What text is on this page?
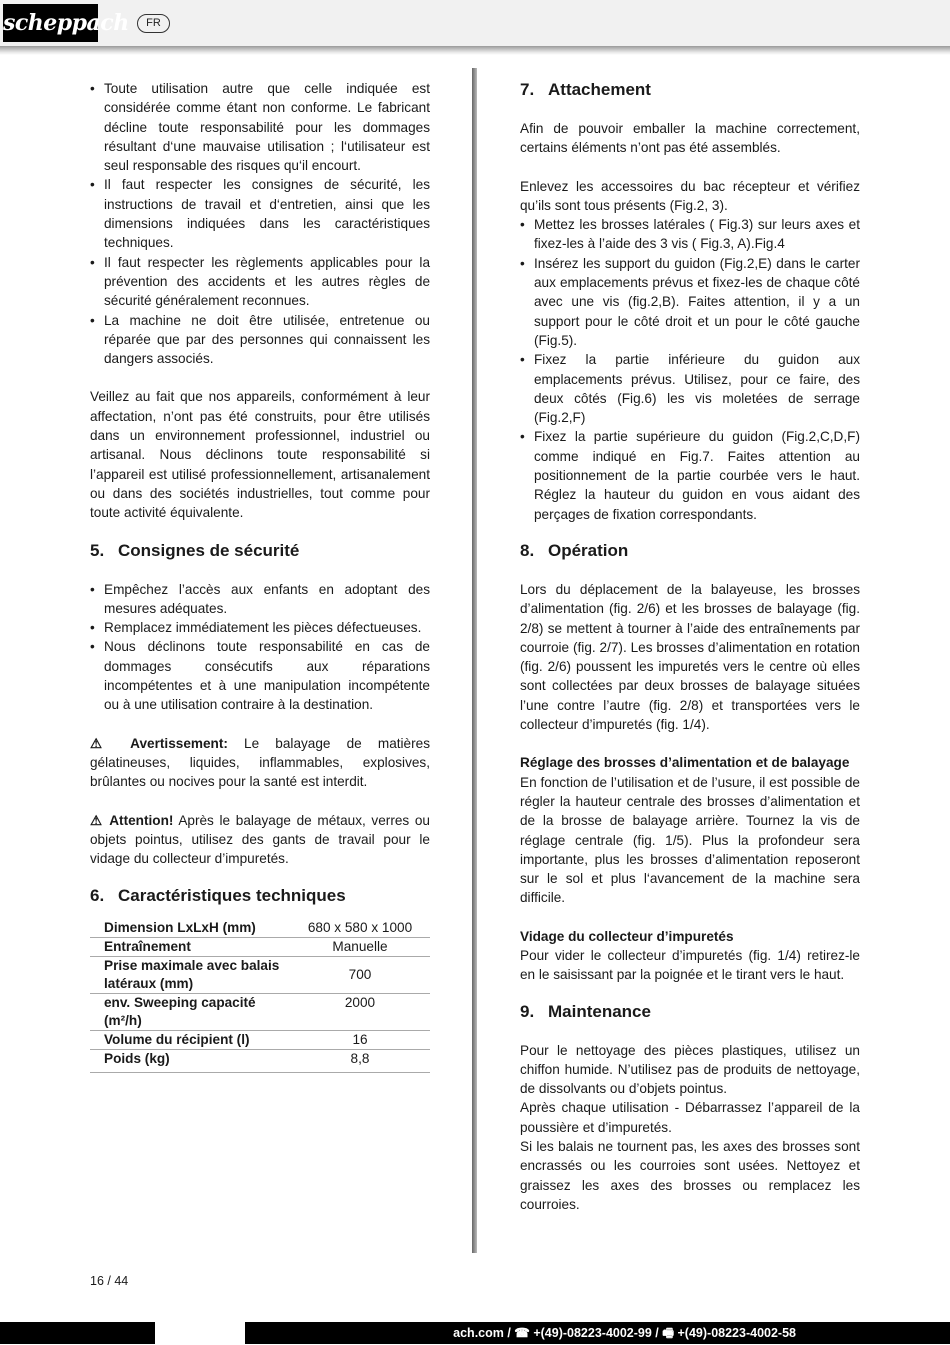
scheppach	FR
• Toute utilisation autre que celle indiquée est considérée comme étant non conforme. Le fabricant décline toute responsabilité pour les dommages résultant d‘une mauvaise utilisation ; l‘utilisateur est seul responsable des risques qu‘il encourt.
• Il faut respecter les consignes de sécurité, les instructions de travail et d‘entretien, ainsi que les dimensions indiquées dans les caractéristiques techniques.
• Il faut respecter les règlements applicables pour la prévention des accidents et les autres règles de sécurité généralement reconnues.
• La machine ne doit être utilisée, entretenue ou réparée que par des personnes qui connaissent les dangers associés.

Veillez au fait que nos appareils, conformément à leur affectation, n’ont pas été construits, pour être utilisés dans un environnement professionnel, industriel ou artisanal. Nous déclinons toute responsabilité si l’appareil est utilisé professionnellement, artisanalement ou dans des sociétés industrielles, tout comme pour toute activité équivalente.

5. Consignes de sécurité
• Empêchez l’accès aux enfants en adoptant des mesures adéquates.
• Remplacez immédiatement les pièces défectueuses.
• Nous déclinons toute responsabilité en cas de dommages consécutifs aux réparations incompétentes et à une manipulation incompétente ou à une utilisation contraire à la destination.

⚠ Avertissement: Le balayage de matières gélatineuses, liquides, inflammables, explosives, brûlantes ou nocives pour la santé est interdit.

⚠ Attention! Après le balayage de métaux, verres ou objets pointus, utilisez des gants de travail pour le vidage du collecteur d’impuretés.

6. Caractéristiques techniques
Dimension LxLxH (mm)	680 x 580 x 1000
Entraînement	Manuelle
Prise maximale avec balais latéraux (mm)	700
env. Sweeping capacité (m²/h)	2000
Volume du récipient (l)	16
Poids (kg)	8,8
7. Attachement

Afin de pouvoir emballer la machine correctement, certains éléments n’ont pas été assemblés.

Enlevez les accessoires du bac récepteur et vérifiez qu’ils sont tous présents (Fig.2, 3).

• Mettez les brosses latérales ( Fig.3) sur leurs axes et fixez-les à l’aide des 3 vis ( Fig.3, A).Fig.4
• Insérez les support du guidon (Fig.2,E) dans le carter aux emplacements prévus et fixez-les de chaque côté avec une vis (fig.2,B). Faites attention, il y a un support pour le côté droit et un pour le côté gauche (Fig.5).
• Fixez la partie inférieure du guidon aux emplacements prévus. Utilisez, pour ce faire, des deux côtés (Fig.6) les vis moletées de serrage (Fig.2,F)
• Fixez la partie supérieure du guidon (Fig.2,C,D,F) comme indiqué en Fig.7. Faites attention au positionnement de la partie courbée vers le haut. Réglez la hauteur du guidon en vous aidant des perçages de fixation correspondants.
8. Opération

Lors du déplacement de la balayeuse, les brosses d’alimentation (fig. 2/6) et les brosses de balayage (fig. 2/8) se mettent à tourner à l’aide des entraînements par courroie (fig. 2/7). Les brosses d’alimentation en rotation (fig. 2/6) poussent les impuretés vers le centre où elles sont collectées par deux brosses de balayage situées l’une contre l’autre (fig. 2/8) et transportées vers le collecteur d’impuretés (fig. 1/4).

Réglage des brosses d’alimentation et de balayage

En fonction de l’utilisation et de l’usure, il est possible de régler la hauteur centrale des brosses d’alimentation et de la brosse de balayage arrière. Tournez la vis de réglage centrale (fig. 1/5). Plus la profondeur sera importante, plus les brosses d’alimentation reposeront sur le sol et plus l‘avancement de la machine sera difficile.

Vidage du collecteur d’impuretés

Pour vider le collecteur d’impuretés (fig. 1/4) retirez-le en le saisissant par la poignée et le tirant vers le haut.

9. Maintenance

Pour le nettoyage des pièces plastiques, utilisez un chiffon humide. N’utilisez pas de produits de nettoyage, de dissolvants ou d’objets pointus.

Après chaque utilisation - Débarrassez l’appareil de la poussière et d’impuretés.

Si les balais ne tournent pas, les axes des brosses sont encrassés ou les courroies sont usées. Nettoyez et graissez les axes des brosses ou remplacez les courroies.

16 / 44
ach.com / ☎ +(49)-08223-4002-99 / 🖷 +(49)-08223-4002-58
